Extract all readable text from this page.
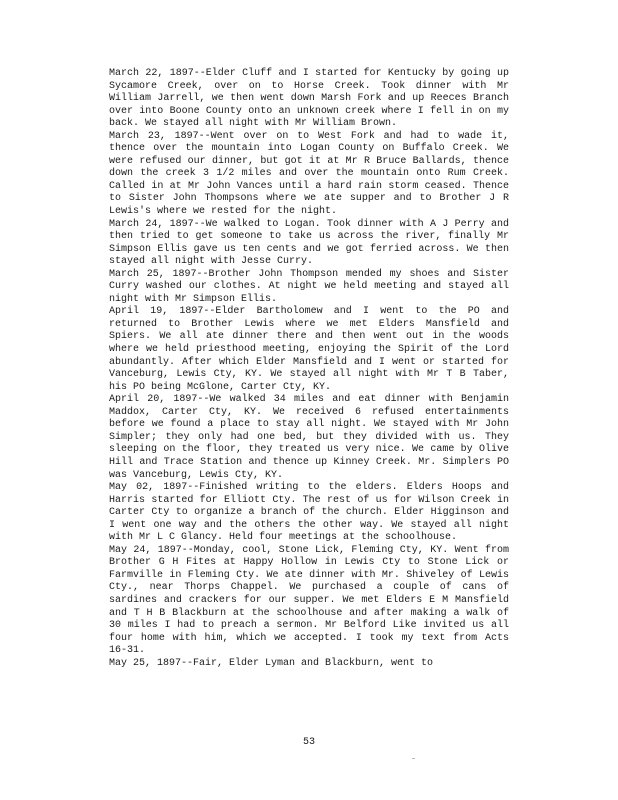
March 22, 1897--Elder Cluff and I started for Kentucky by going up Sycamore Creek, over on to Horse Creek. Took dinner with Mr William Jarrell, we then went down Marsh Fork and up Reeces Branch over into Boone County onto an unknown creek where I fell in on my back. We stayed all night with Mr William Brown.

March 23, 1897--Went over on to West Fork and had to wade it, thence over the mountain into Logan County on Buffalo Creek. We were refused our dinner, but got it at Mr R Bruce Ballards, thence down the creek 3 1/2 miles and over the mountain onto Rum Creek. Called in at Mr John Vances until a hard rain storm ceased. Thence to Sister John Thompsons where we ate supper and to Brother J R Lewis's where we rested for the night.

March 24, 1897--We walked to Logan. Took dinner with A J Perry and then tried to get someone to take us across the river, finally Mr Simpson Ellis gave us ten cents and we got ferried across. We then stayed all night with Jesse Curry.

March 25, 1897--Brother John Thompson mended my shoes and Sister Curry washed our clothes. At night we held meeting and stayed all night with Mr Simpson Ellis.

April 19, 1897--Elder Bartholomew and I went to the PO and returned to Brother Lewis where we met Elders Mansfield and Spiers. We all ate dinner there and then went out in the woods where we held priesthood meeting, enjoying the Spirit of the Lord abundantly. After which Elder Mansfield and I went or started for Vanceburg, Lewis Cty, KY. We stayed all night with Mr T B Taber, his PO being McGlone, Carter Cty, KY.

April 20, 1897--We walked 34 miles and eat dinner with Benjamin Maddox, Carter Cty, KY. We received 6 refused entertainments before we found a place to stay all night. We stayed with Mr John Simpler; they only had one bed, but they divided with us. They sleeping on the floor, they treated us very nice. We came by Olive Hill and Trace Station and thence up Kinney Creek. Mr. Simplers PO was Vanceburg, Lewis Cty, KY.

May 02, 1897--Finished writing to the elders. Elders Hoops and Harris started for Elliott Cty. The rest of us for Wilson Creek in Carter Cty to organize a branch of the church. Elder Higginson and I went one way and the others the other way. We stayed all night with Mr L C Glancy. Held four meetings at the schoolhouse.

May 24, 1897--Monday, cool, Stone Lick, Fleming Cty, KY. Went from Brother G H Fites at Happy Hollow in Lewis Cty to Stone Lick or Farmville in Fleming Cty. We ate dinner with Mr. Shiveley of Lewis Cty., near Thorps Chappel. We purchased a couple of cans of sardines and crackers for our supper. We met Elders E M Mansfield and T H B Blackburn at the schoolhouse and after making a walk of 30 miles I had to preach a sermon. Mr Belford Like invited us all four home with him, which we accepted. I took my text from Acts 16-31.

May 25, 1897--Fair, Elder Lyman and Blackburn, went to

53
